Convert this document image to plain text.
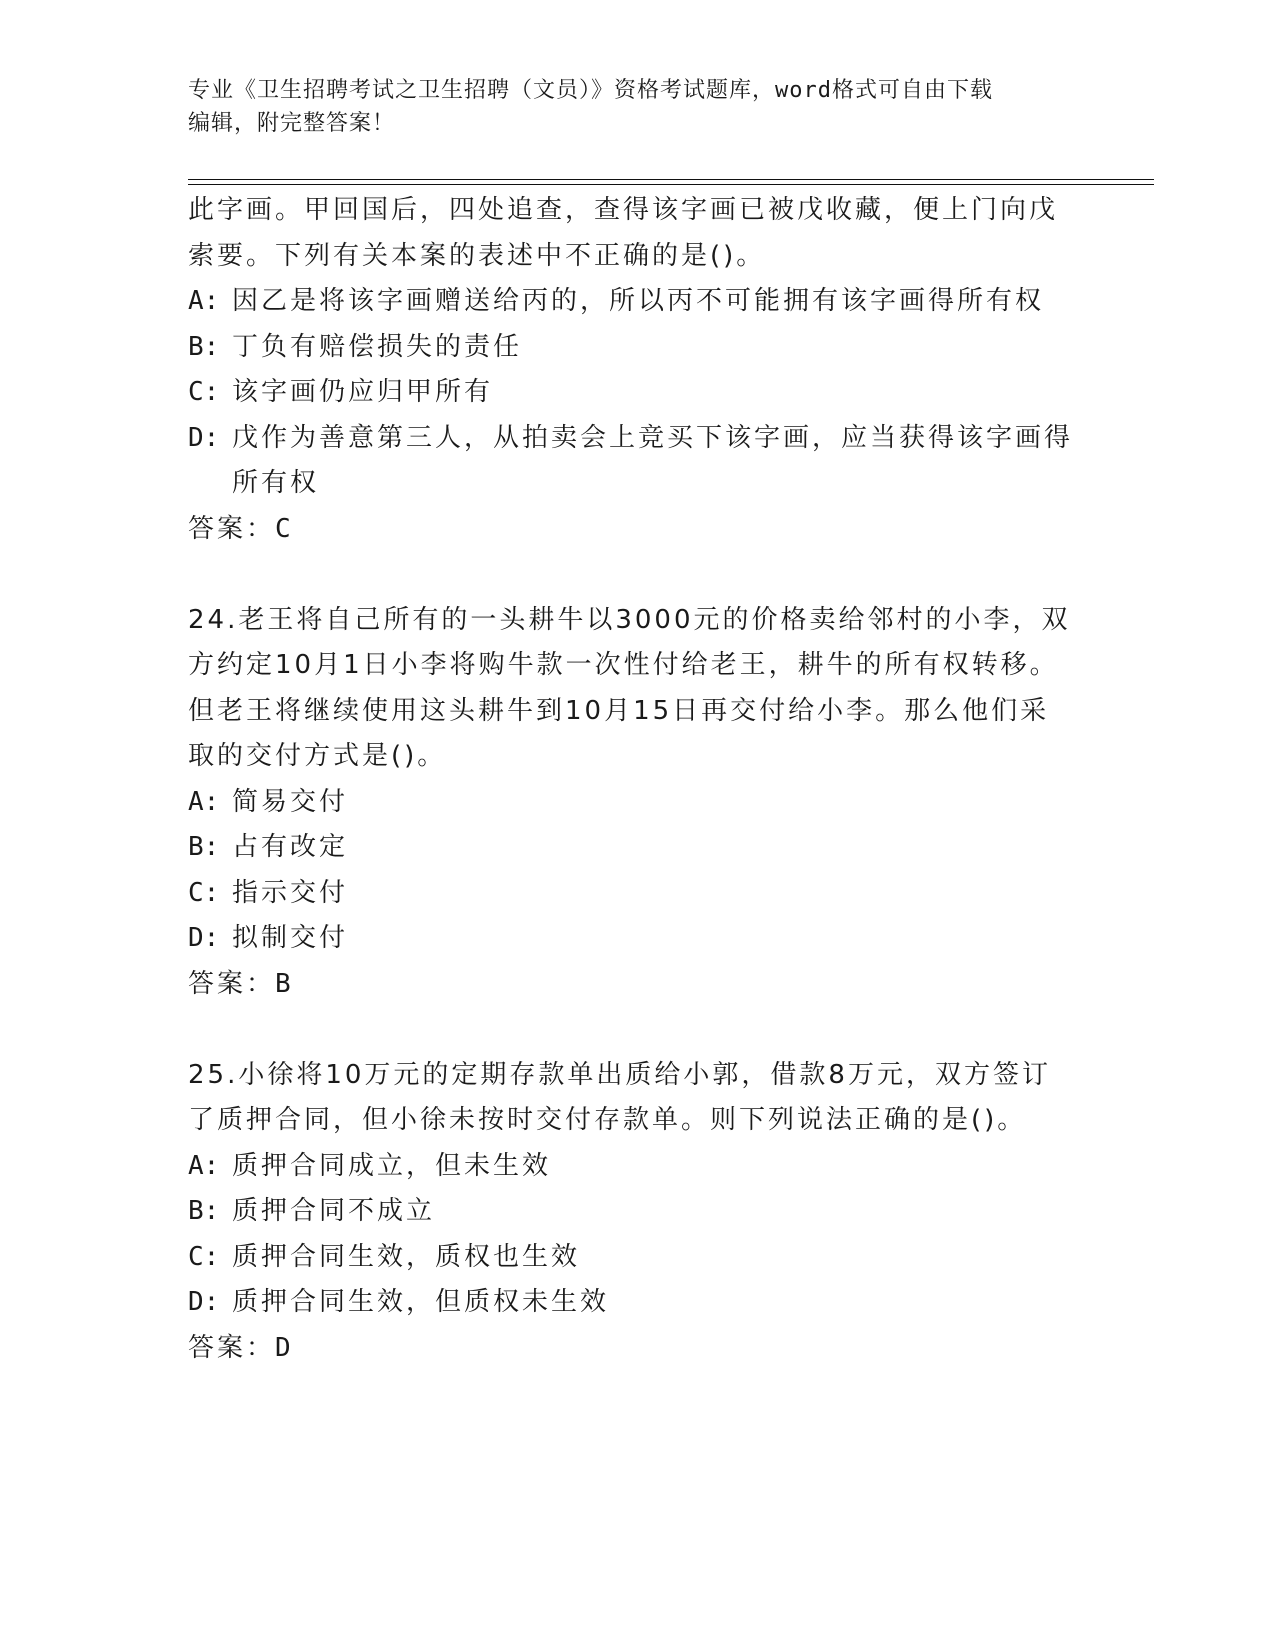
专业《卫生招聘考试之卫生招聘（文员）》资格考试题库，word格式可自由下载
编辑，附完整答案！

此字画。甲回国后，四处追查，查得该字画已被戊收藏，便上门向戊

索要。下列有关本案的表述中不正确的是()。

A: 因乙是将该字画赠送给丙的，所以丙不可能拥有该字画得所有权
B: 丁负有赔偿损失的责任
C: 该字画仍应归甲所有
D: 戊作为善意第三人，从拍卖会上竞买下该字画，应当获得该字画得所有权

答案：C

24.老王将自己所有的一头耕牛以3000元的价格卖给邻村的小李，双

方约定10月1日小李将购牛款一次性付给老王，耕牛的所有权转移。

但老王将继续使用这头耕牛到10月15日再交付给小李。那么他们采

取的交付方式是()。

A: 简易交付
B: 占有改定
C: 指示交付
D: 拟制交付

答案：B

25.小徐将10万元的定期存款单出质给小郭，借款8万元，双方签订

了质押合同，但小徐未按时交付存款单。则下列说法正确的是()。

A: 质押合同成立，但未生效
B: 质押合同不成立
C: 质押合同生效，质权也生效
D: 质押合同生效，但质权未生效

答案：D
